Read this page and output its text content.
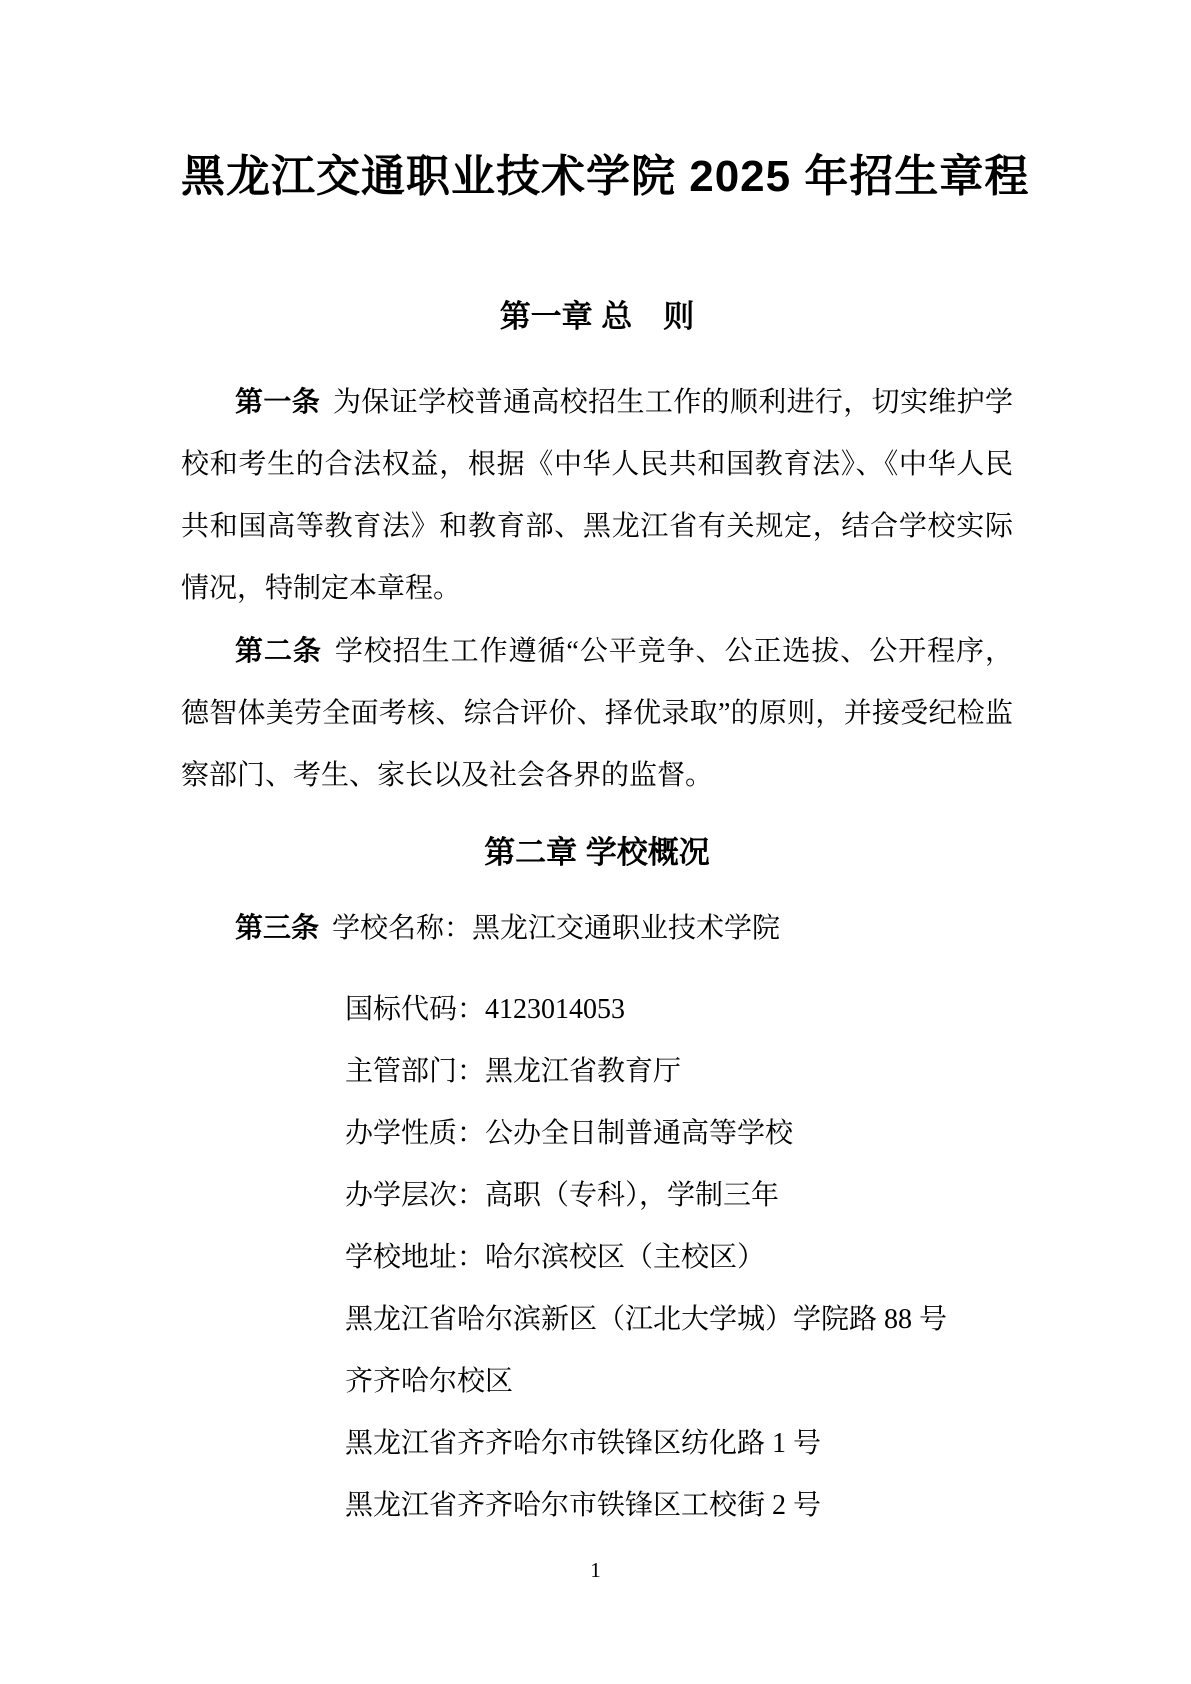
黑龙江交通职业技术学院 2025 年招生章程
第一章 总　则

第一条 为保证学校普通高校招生工作的顺利进行，切实维护学校和考生的合法权益，根据《中华人民共和国教育法》、《中华人民共和国高等教育法》和教育部、黑龙江省有关规定，结合学校实际情况，特制定本章程。

第二条 学校招生工作遵循“公平竞争、公正选拔、公开程序，德智体美劳全面考核、综合评价、择优录取”的原则，并接受纪检监察部门、考生、家长以及社会各界的监督。

第二章 学校概况

第三条 学校名称：黑龙江交通职业技术学院

国标代码：4123014053
主管部门：黑龙江省教育厅
办学性质：公办全日制普通高等学校
办学层次：高职（专科），学制三年
学校地址：哈尔滨校区（主校区）
黑龙江省哈尔滨新区（江北大学城）学院路 88 号
齐齐哈尔校区
黑龙江省齐齐哈尔市铁锋区纺化路 1 号
黑龙江省齐齐哈尔市铁锋区工校街 2 号
1
